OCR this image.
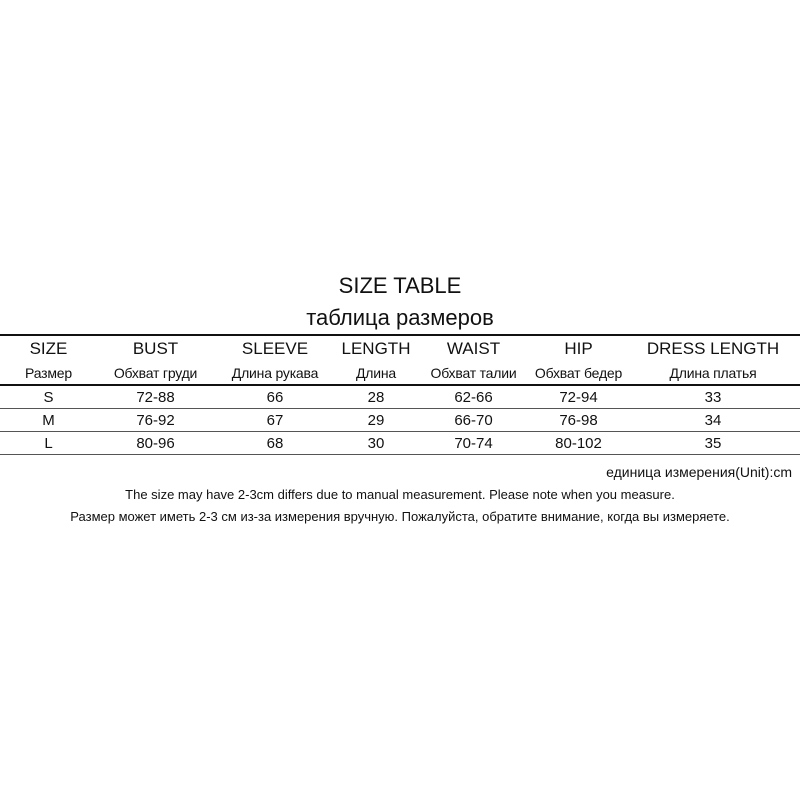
SIZE TABLE
таблица размеров
SIZE	BUST	SLEEVE	LENGTH	WAIST	HIP	DRESS LENGTH
Размер	Обхват груди	Длина рукава	Длина	Обхват талии	Обхват бедер	Длина платья
S	72-88	66	28	62-66	72-94	33
M	76-92	67	29	66-70	76-98	34
L	80-96	68	30	70-74	80-102	35
единица измерения(Unit):cm
The size may have 2-3cm differs due to manual measurement. Please note when you measure.
Размер может иметь 2-3 см из-за измерения вручную. Пожалуйста, обратите внимание, когда вы измеряете.
